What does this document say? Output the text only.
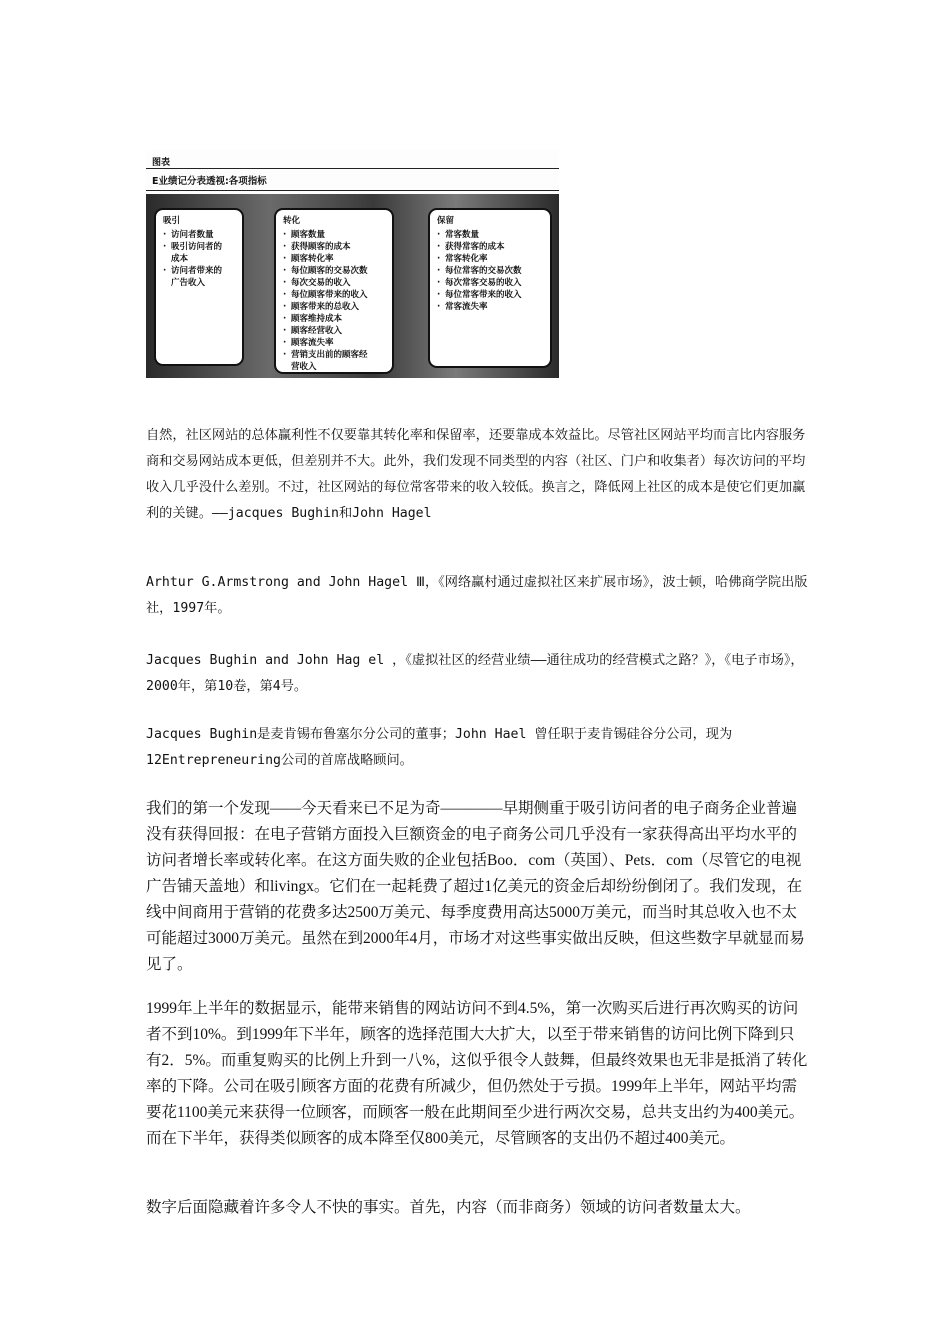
图表
E业绩记分表透视:各项指标
吸引
· 访问者数量
· 吸引访问者的
成本
· 访问者带来的
广告收入
转化
· 顾客数量
· 获得顾客的成本
· 顾客转化率
· 每位顾客的交易次数
· 每次交易的收入
· 每位顾客带来的收入
· 顾客带来的总收入
· 顾客维持成本
· 顾客经营收入
· 顾客流失率
· 营销支出前的顾客经
营收入
保留
· 常客数量
· 获得常客的成本
· 常客转化率
· 每位常客的交易次数
· 每次常客交易的收入
· 每位常客带来的收入
· 常客流失率

自然，社区网站的总体赢利性不仅要靠其转化率和保留率，还要靠成本效益比。尽管社区网站平均而言比内容服务商和交易网站成本更低，但差别并不大。此外，我们发现不同类型的内容（社区、门户和收集者）每次访问的平均收入几乎没什么差别。不过，社区网站的每位常客带来的收入较低。换言之，降低网上社区的成本是使它们更加赢利的关键。——jacques Bughin和John Hagel

Arhtur G.Armstrong and John Hagel Ⅲ，《网络赢村通过虚拟社区来扩展市场》，波士顿，哈佛商学院出版社，1997年。

Jacques Bughin and John Hag el ，《虚拟社区的经营业绩——通往成功的经营模式之路？》，《电子市场》，2000年，第10卷，第4号。

Jacques Bughin是麦肯锡布鲁塞尔分公司的董事；John Hael 曾任职于麦肯锡硅谷分公司，现为12Entrepreneuring公司的首席战略顾问。

我们的第一个发现——今天看来已不足为奇————早期侧重于吸引访问者的电子商务企业普遍没有获得回报：在电子营销方面投入巨额资金的电子商务公司几乎没有一家获得高出平均水平的访问者增长率或转化率。在这方面失败的企业包括Boo．com（英国）、Pets．com（尽管它的电视广告铺天盖地）和livingx。它们在一起耗费了超过1亿美元的资金后却纷纷倒闭了。我们发现，在线中间商用于营销的花费多达2500万美元、每季度费用高达5000万美元，而当时其总收入也不太可能超过3000万美元。虽然在到2000年4月，市场才对这些事实做出反映，但这些数字早就显而易见了。

1999年上半年的数据显示，能带来销售的网站访问不到4.5%，第一次购买后进行再次购买的访问者不到10%。到1999年下半年，顾客的选择范围大大扩大，以至于带来销售的访问比例下降到只有2．5%。而重复购买的比例上升到一八%，这似乎很令人鼓舞，但最终效果也无非是抵消了转化率的下降。公司在吸引顾客方面的花费有所减少，但仍然处于亏损。1999年上半年，网站平均需要花1100美元来获得一位顾客，而顾客一般在此期间至少进行两次交易，总共支出约为400美元。而在下半年，获得类似顾客的成本降至仅800美元，尽管顾客的支出仍不超过400美元。

数字后面隐藏着许多令人不快的事实。首先，内容（而非商务）领域的访问者数量太大。
